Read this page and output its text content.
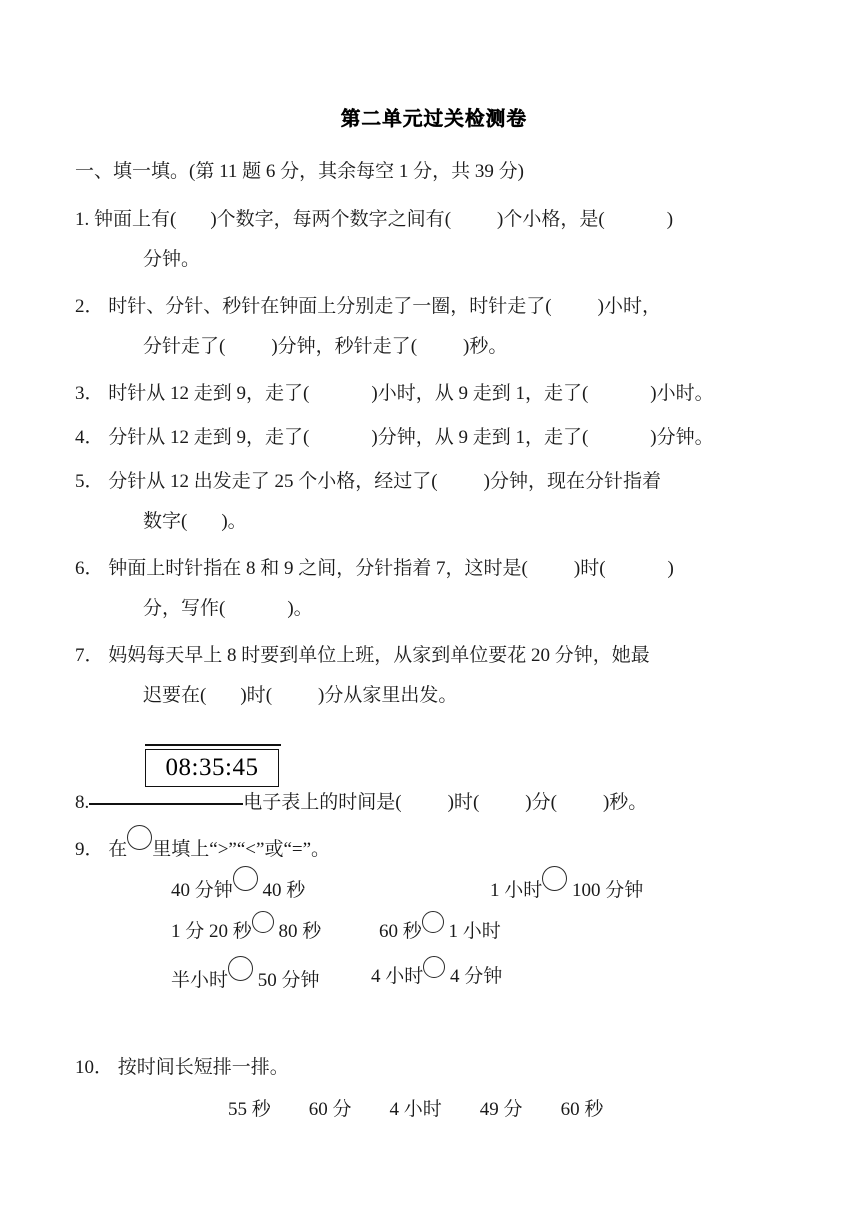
第二单元过关检测卷
一、填一填。(第 11 题 6 分，其余每空 1 分，共 39 分)
1. 钟面上有 (  ) 个数字，每两个数字之间有 (  )	个小格，是(  )
分钟。
2． 时针、分针、秒针在钟面上分别走了一圈，时针走了 (  )	小时，
分针走了 (  )	分钟，秒针走了 (  )	秒。
3． 时针从 12 走到 9，走了 (  )	小时，从 9 走到 1，走了 (  )	小时。
4． 分针从 12 走到 9，走了 (  )	分钟，从 9 走到 1，走了 (  )	分钟。
5． 分针从 12 出发走了 25 个小格，经过了 (  )	分钟，现在分针指着
数字 (  ) 。
6． 钟面上时针指在 8 和 9 之间，分针指着 7，这时是 (  )	时(  )
分，写作 (  )	。
7． 妈妈每天早上 8 时要到单位上班，从家到单位要花 20 分钟，她最
迟要在 (  ) 时 (  )	分从家里出发。
08:35:45
8.	电子表上的时间是 (  )	时 (  )	分 (  )	秒。
9． 在 里填上“>”“<”或“=”。
40 分钟 40 秒	1 小时 100 分钟
1 分 20 秒 80 秒	60 秒 1 小时
半小时 50 分钟	4 小时 4 分钟
10． 按时间长短排一排。
55 秒 60 分 4 小时 49 分 60 秒
